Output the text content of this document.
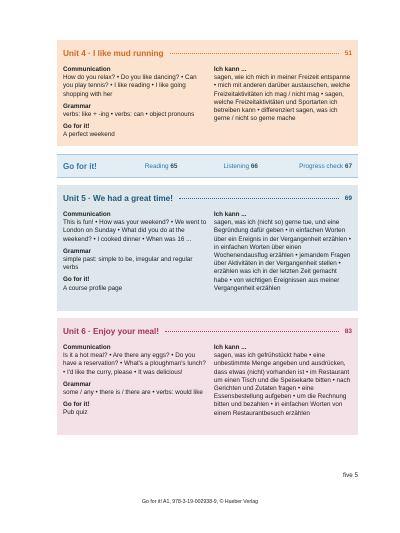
Unit 4 · I like mud running	51
Communication
How do you relax? • Do you like dancing? • Can you play tennis? • I like reading • I like going shopping with her
Grammar
verbs: like + -ing • verbs: can • object pronouns
Go for it!
A perfect weekend
Ich kann ...
sagen, wie ich mich in meiner Freizeit entspanne • mich mit anderen darüber austauschen, welche Freizeitaktivitäten ich mag / nicht mag • sagen, welche Freizeitaktivitäten und Sportarten ich betreiben kann • differenziert sagen, was ich gerne / nicht so gerne mache
Go for it!	Reading 65	Listening 66	Progress check 67
Unit 5 · We had a great time!	69
Communication
This is fun! • How was your weekend? • We went to London on Sunday • What did you do at the weekend? • I cooked dinner • When was 16 ...
Grammar
simple past: simple to be, irregular and regular verbs
Go for it!
A course profile page
Ich kann ...
sagen, was ich (nicht so) gerne tue, und eine Begründung dafür geben • in einfachen Worten über ein Ereignis in der Vergangenheit erzählen • in einfachen Worten über einen Wochenendausflug erzählen • jemandem Fragen über Aktivitäten in der Vergangenheit stellen • erzählen was ich in der letzten Zeit gemacht habe • von wichtigen Ereignissen aus meiner Vergangenheit erzählen
Unit 6 · Enjoy your meal!	83
Communication
Is it a hot meal? • Are there any eggs? • Do you have a reservation? • What's a ploughman's lunch? • I'd like the curry, please • It was delicious!
Grammar
some / any • there is / there are • verbs: would like
Go for it!
Pub quiz
Ich kann ...
sagen, was ich gefrühstückt habe • eine unbestimmte Menge angeben und ausdrücken, dass etwas (nicht) vorhanden ist • im Restaurant um einen Tisch und die Speisekarte bitten • nach Gerichten und Zutaten fragen • eine Essensbestellung aufgeben • um die Rechnung bitten und bezahlen • in einfachen Worten von einem Restaurantbesuch erzählen
five 5
Go for it! A1, 978-3-19-002938-9, © Hueber Verlag
